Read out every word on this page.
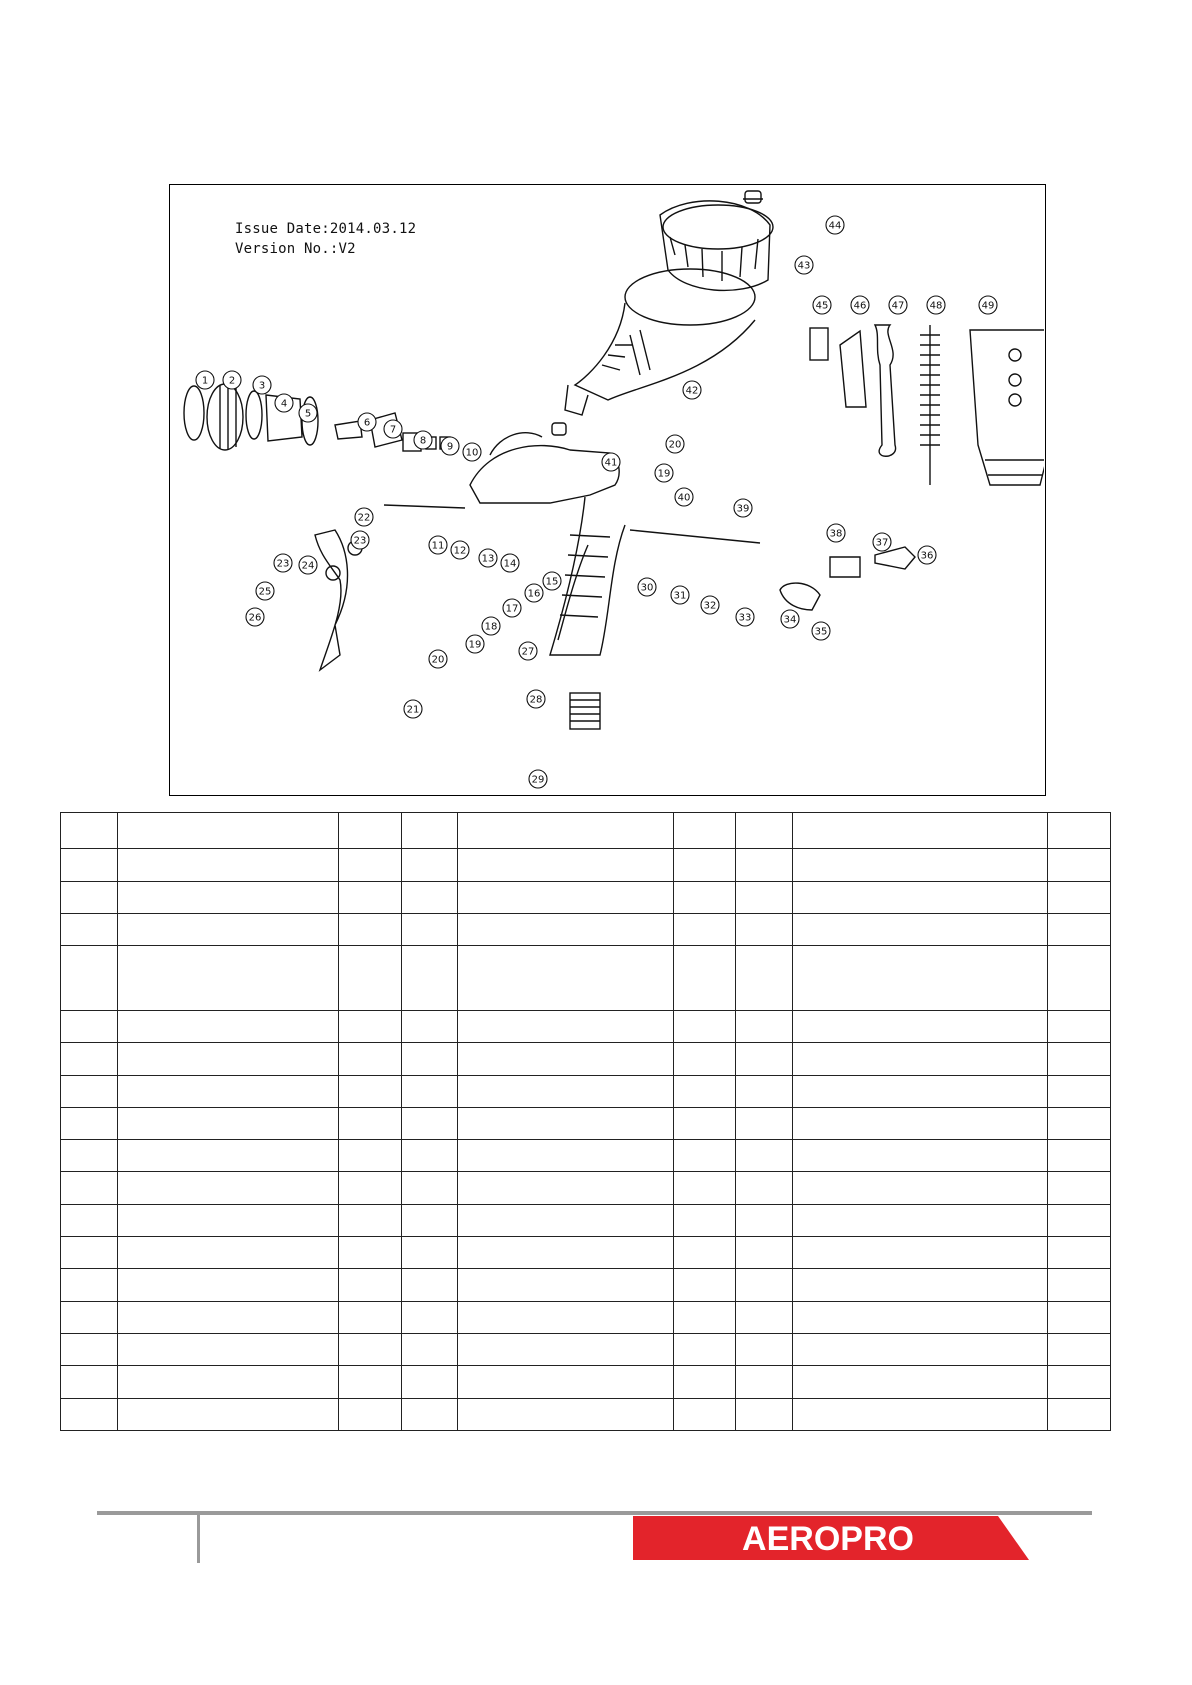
Issue Date:2014.03.12
Version No.:V2
1 2 3
4
5
6
7
8
9
10
11 12
13 14
15
16
17
18
19
19
20
20
21
22
23
23 24
25
26
27
28
29
30
31
32
33	34
35
36
37
38
39
40
41
42
43
44
45	46	47	48	49

AEROPRO
